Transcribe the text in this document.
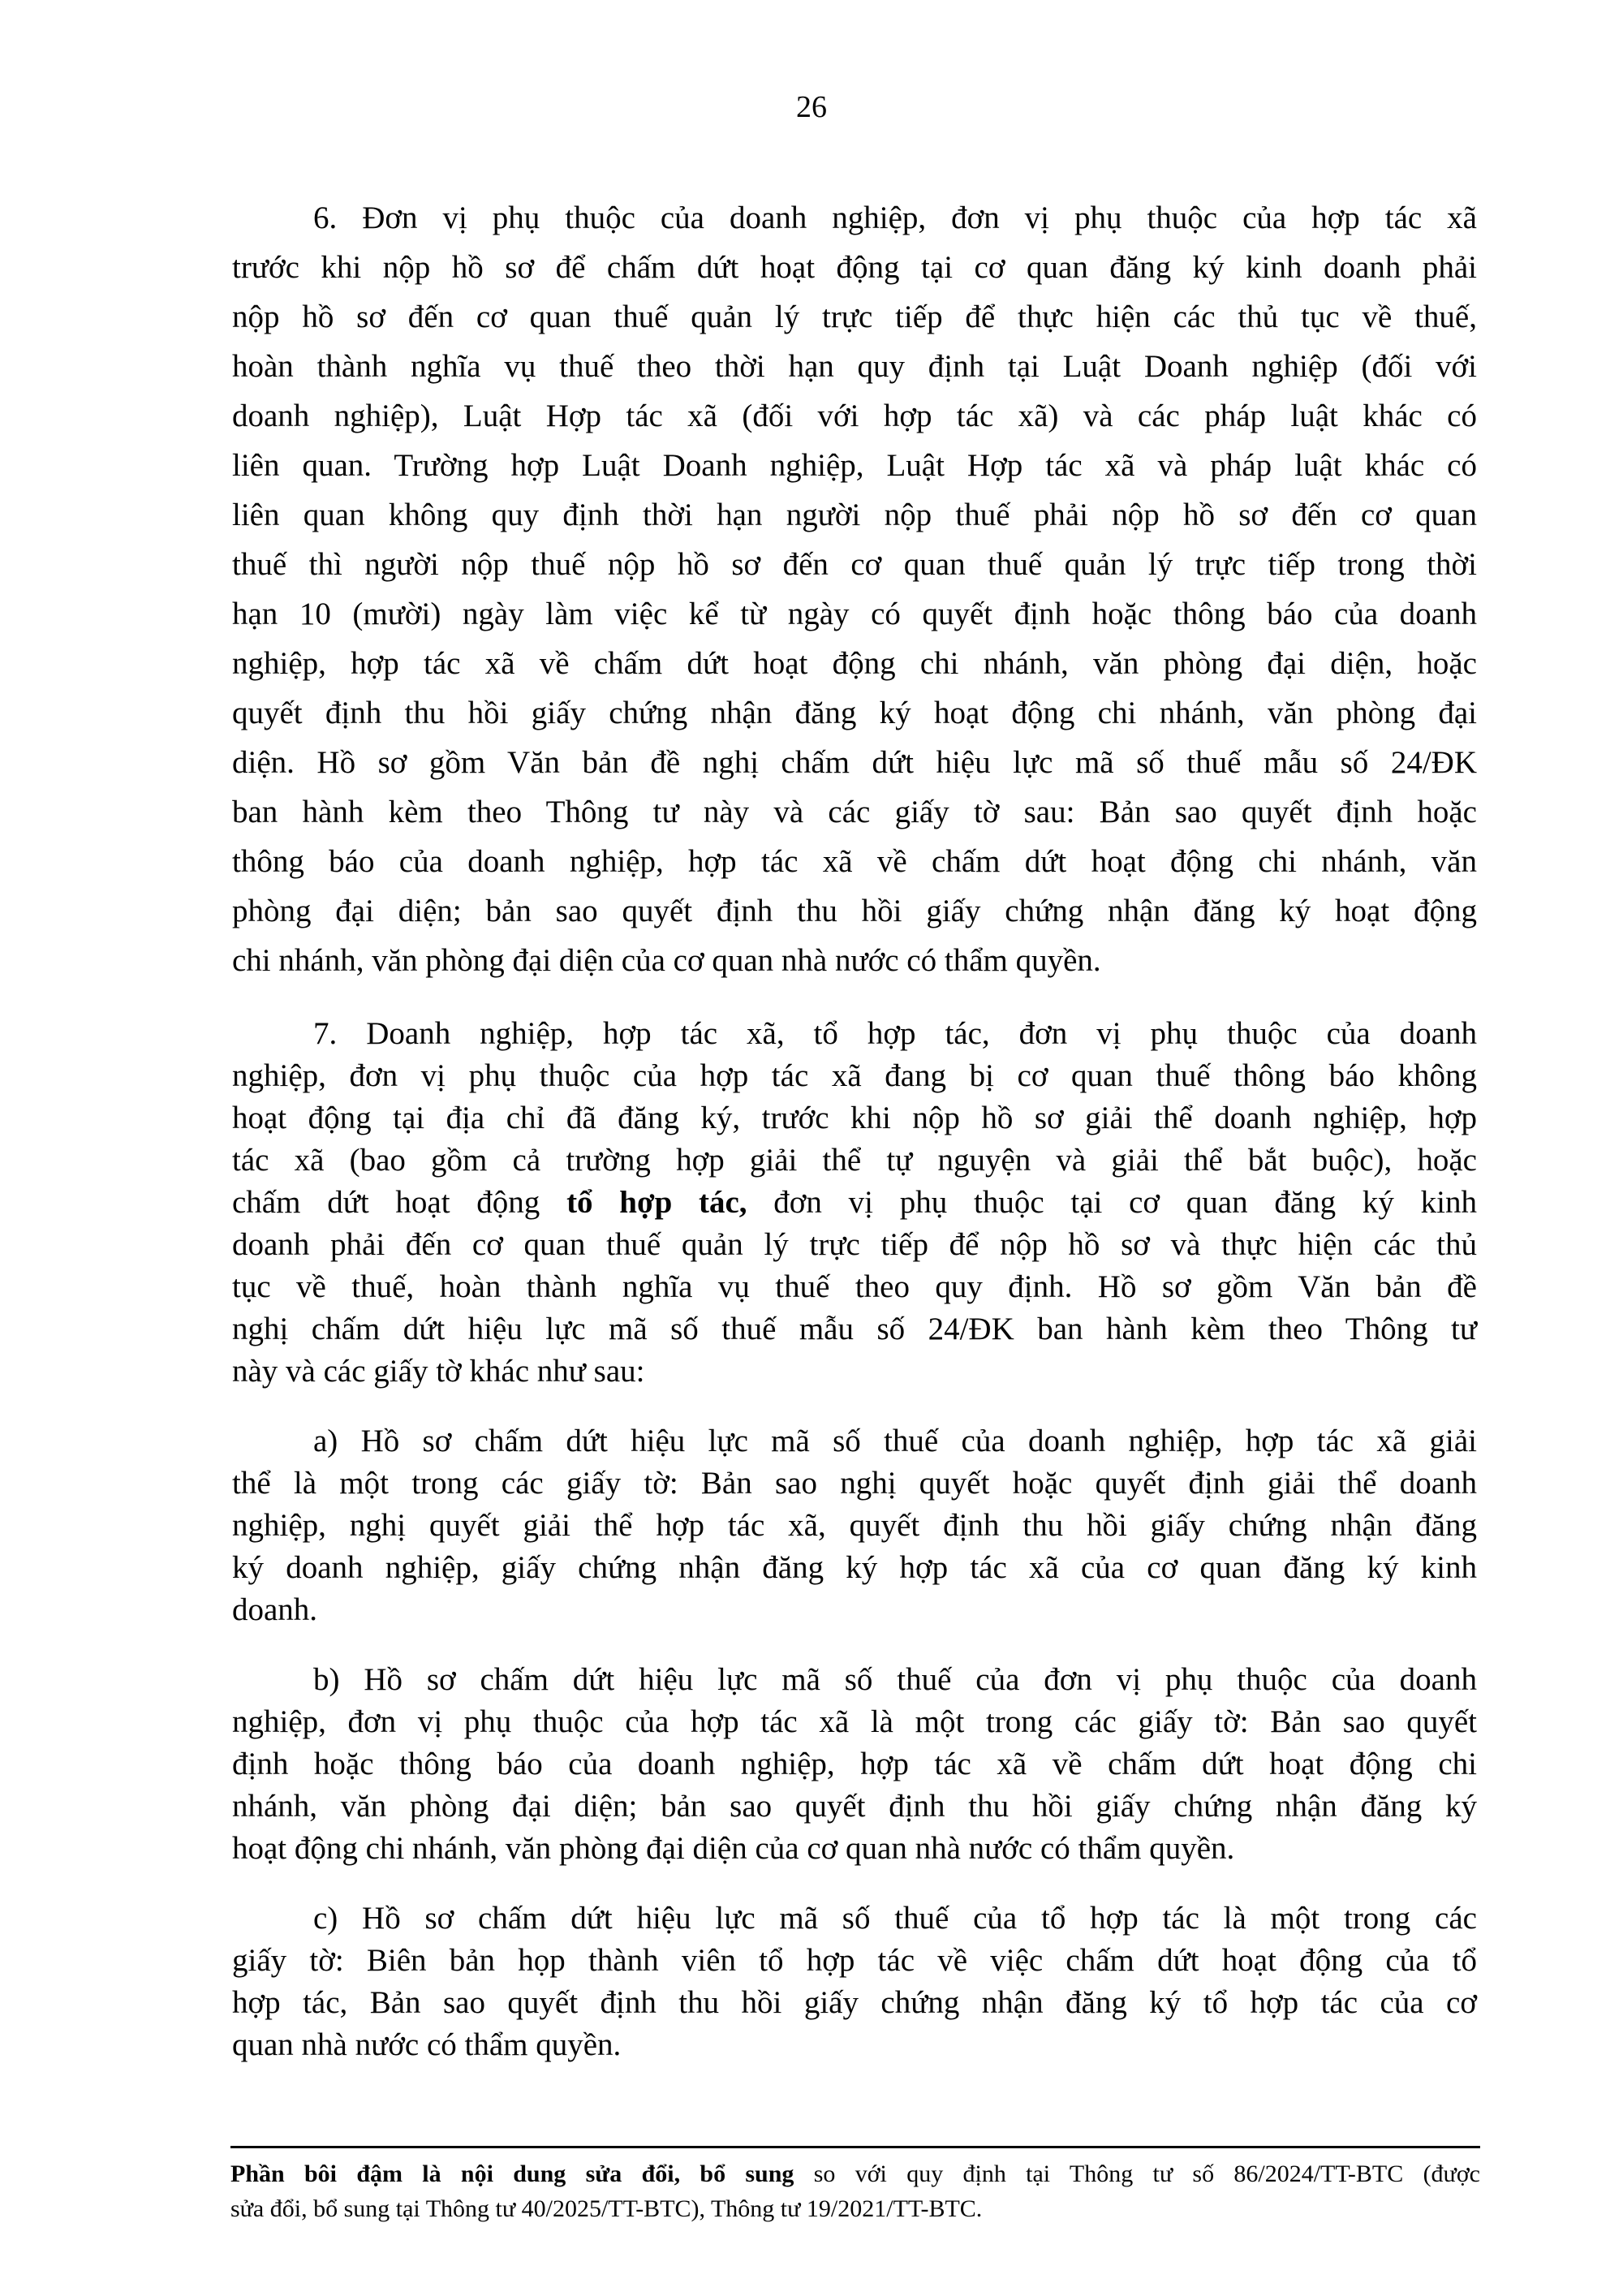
26
6. Đơn vị phụ thuộc của doanh nghiệp, đơn vị phụ thuộc của hợp tác xã
trước khi nộp hồ sơ để chấm dứt hoạt động tại cơ quan đăng ký kinh doanh phải
nộp hồ sơ đến cơ quan thuế quản lý trực tiếp để thực hiện các thủ tục về thuế,
hoàn thành nghĩa vụ thuế theo thời hạn quy định tại Luật Doanh nghiệp (đối với
doanh nghiệp), Luật Hợp tác xã (đối với hợp tác xã) và các pháp luật khác có
liên quan. Trường hợp Luật Doanh nghiệp, Luật Hợp tác xã và pháp luật khác có
liên quan không quy định thời hạn người nộp thuế phải nộp hồ sơ đến cơ quan
thuế thì người nộp thuế nộp hồ sơ đến cơ quan thuế quản lý trực tiếp trong thời
hạn 10 (mười) ngày làm việc kể từ ngày có quyết định hoặc thông báo của doanh
nghiệp, hợp tác xã về chấm dứt hoạt động chi nhánh, văn phòng đại diện, hoặc
quyết định thu hồi giấy chứng nhận đăng ký hoạt động chi nhánh, văn phòng đại
diện. Hồ sơ gồm Văn bản đề nghị chấm dứt hiệu lực mã số thuế mẫu số 24/ĐK
ban hành kèm theo Thông tư này và các giấy tờ sau: Bản sao quyết định hoặc
thông báo của doanh nghiệp, hợp tác xã về chấm dứt hoạt động chi nhánh, văn
phòng đại diện; bản sao quyết định thu hồi giấy chứng nhận đăng ký hoạt động
chi nhánh, văn phòng đại diện của cơ quan nhà nước có thẩm quyền.
7. Doanh nghiệp, hợp tác xã, tổ hợp tác, đơn vị phụ thuộc của doanh
nghiệp, đơn vị phụ thuộc của hợp tác xã đang bị cơ quan thuế thông báo không
hoạt động tại địa chỉ đã đăng ký, trước khi nộp hồ sơ giải thể doanh nghiệp, hợp
tác xã (bao gồm cả trường hợp giải thể tự nguyện và giải thể bắt buộc), hoặc
chấm dứt hoạt động tổ hợp tác, đơn vị phụ thuộc tại cơ quan đăng ký kinh
doanh phải đến cơ quan thuế quản lý trực tiếp để nộp hồ sơ và thực hiện các thủ
tục về thuế, hoàn thành nghĩa vụ thuế theo quy định. Hồ sơ gồm Văn bản đề
nghị chấm dứt hiệu lực mã số thuế mẫu số 24/ĐK ban hành kèm theo Thông tư
này và các giấy tờ khác như sau:
a) Hồ sơ chấm dứt hiệu lực mã số thuế của doanh nghiệp, hợp tác xã giải
thể là một trong các giấy tờ: Bản sao nghị quyết hoặc quyết định giải thể doanh
nghiệp, nghị quyết giải thể hợp tác xã, quyết định thu hồi giấy chứng nhận đăng
ký doanh nghiệp, giấy chứng nhận đăng ký hợp tác xã của cơ quan đăng ký kinh
doanh.
b) Hồ sơ chấm dứt hiệu lực mã số thuế của đơn vị phụ thuộc của doanh
nghiệp, đơn vị phụ thuộc của hợp tác xã là một trong các giấy tờ: Bản sao quyết
định hoặc thông báo của doanh nghiệp, hợp tác xã về chấm dứt hoạt động chi
nhánh, văn phòng đại diện; bản sao quyết định thu hồi giấy chứng nhận đăng ký
hoạt động chi nhánh, văn phòng đại diện của cơ quan nhà nước có thẩm quyền.
c) Hồ sơ chấm dứt hiệu lực mã số thuế của tổ hợp tác là một trong các
giấy tờ: Biên bản họp thành viên tổ hợp tác về việc chấm dứt hoạt động của tổ
hợp tác, Bản sao quyết định thu hồi giấy chứng nhận đăng ký tổ hợp tác của cơ
quan nhà nước có thẩm quyền.
Phần bôi đậm là nội dung sửa đổi, bổ sung so với quy định tại Thông tư số 86/2024/TT-BTC (được
sửa đổi, bổ sung tại Thông tư 40/2025/TT-BTC), Thông tư 19/2021/TT-BTC.
